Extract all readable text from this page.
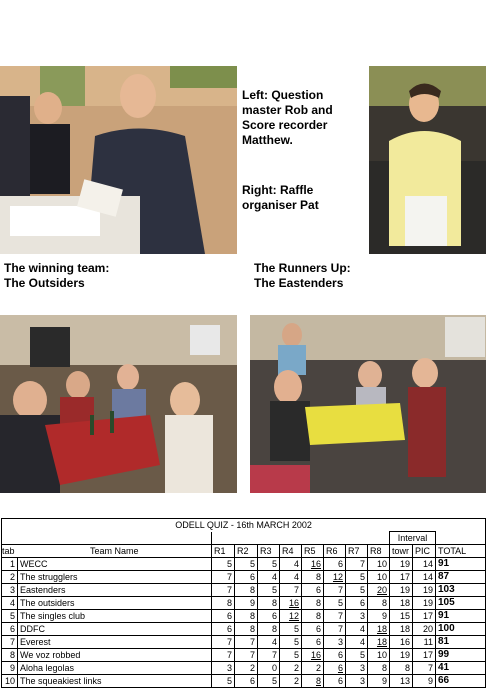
Left: Question
master Rob and
Score recorder
Matthew.
Right: Raffle
organiser Pat
The winning team:
The Outsiders
The Runners Up:
The Eastenders
ODELL QUIZ - 16th MARCH 2002												
										Interval		
tab	Team Name	R1	R2	R3	R4	R5	R6	R7	R8	towr	PIC	TOTAL
1	WECC	5	5	5	4	16	6	7	10	19	14	91
2	The strugglers	7	6	4	4	8	12	5	10	17	14	87
3	Eastenders	7	8	5	7	6	7	5	20	19	19	103
4	The outsiders	8	9	8	16	8	5	6	8	18	19	105
5	The singles club	6	8	6	12	8	7	3	9	15	17	91
6	DDFC	6	8	8	5	6	7	4	18	18	20	100
7	Everest	7	7	4	5	6	3	4	18	16	11	81
8	We voz robbed	7	7	7	5	16	6	5	10	19	17	99
9	Aloha legolas	3	2	0	2	2	6	3	8	8	7	41
10	The squeakiest links	5	6	5	2	8	6	3	9	13	9	66
